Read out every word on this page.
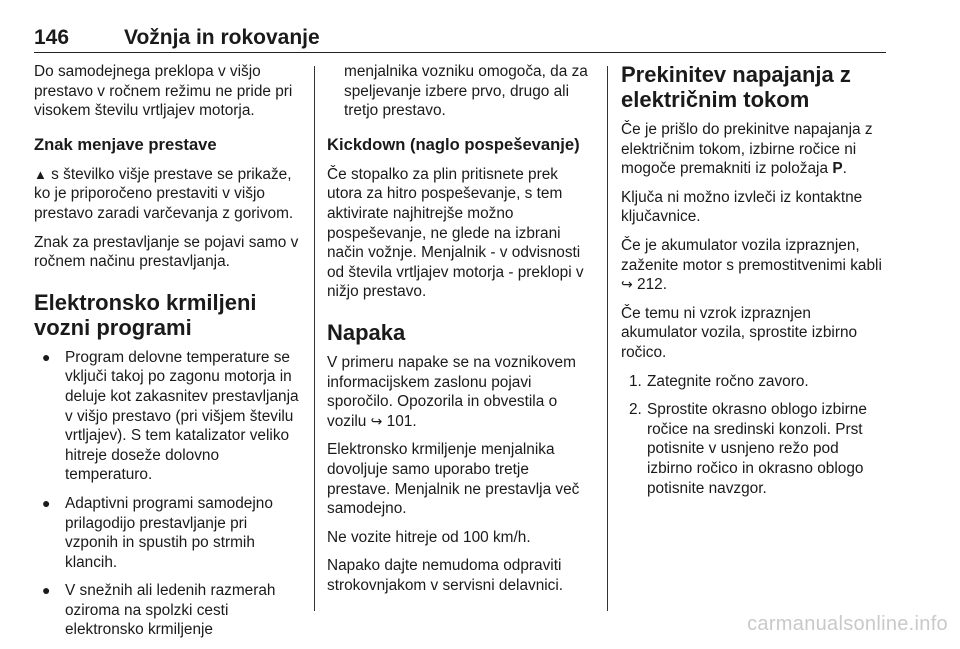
146	Vožnja in rokovanje

Do samodejnega preklopa v višjo prestavo v ročnem režimu ne pride pri visokem številu vrtljajev motorja.

Znak menjave prestave

▲ s številko višje prestave se prikaže, ko je priporočeno prestaviti v višjo prestavo zaradi varčevanja z gorivom.

Znak za prestavljanje se pojavi samo v ročnem načinu prestavljanja.

Elektronsko krmiljeni vozni programi
● Program delovne temperature se vključi takoj po zagonu motorja in deluje kot zakasnitev prestavljanja v višjo prestavo (pri višjem številu vrtljajev). S tem katalizator veliko hitreje doseže dolovno temperaturo.
● Adaptivni programi samodejno prilagodijo prestavljanje pri vzponih in spustih po strmih klancih.
● V snežnih ali ledenih razmerah oziroma na spolzki cesti elektronsko krmiljenje

menjalnika vozniku omogoča, da za speljevanje izbere prvo, drugo ali tretjo prestavo.

Kickdown (naglo pospeševanje)

Če stopalko za plin pritisnete prek utora za hitro pospeševanje, s tem aktivirate najhitrejše možno pospeševanje, ne glede na izbrani način vožnje. Menjalnik - v odvisnosti od števila vrtljajev motorja - preklopi v nižjo prestavo.

Napaka

V primeru napake se na voznikovem informacijskem zaslonu pojavi sporočilo. Opozorila in obvestila o vozilu ↪ 101.

Elektronsko krmiljenje menjalnika dovoljuje samo uporabo tretje prestave. Menjalnik ne prestavlja več samodejno.

Ne vozite hitreje od 100 km/h.

Napako dajte nemudoma odpraviti strokovnjakom v servisni delavnici.

Prekinitev napajanja z električnim tokom

Če je prišlo do prekinitve napajanja z električnim tokom, izbirne ročice ni mogoče premakniti iz položaja P.

Ključa ni možno izvleči iz kontaktne ključavnice.

Če je akumulator vozila izpraznjen, zaženite motor s premostitvenimi kabli ↪ 212.

Če temu ni vzrok izpraznjen akumulator vozila, sprostite izbirno ročico.

1. Zategnite ročno zavoro.
2. Sprostite okrasno oblogo izbirne ročice na sredinski konzoli. Prst potisnite v usnjeno režo pod izbirno ročico in okrasno oblogo potisnite navzgor.
carmanualsonline.info
